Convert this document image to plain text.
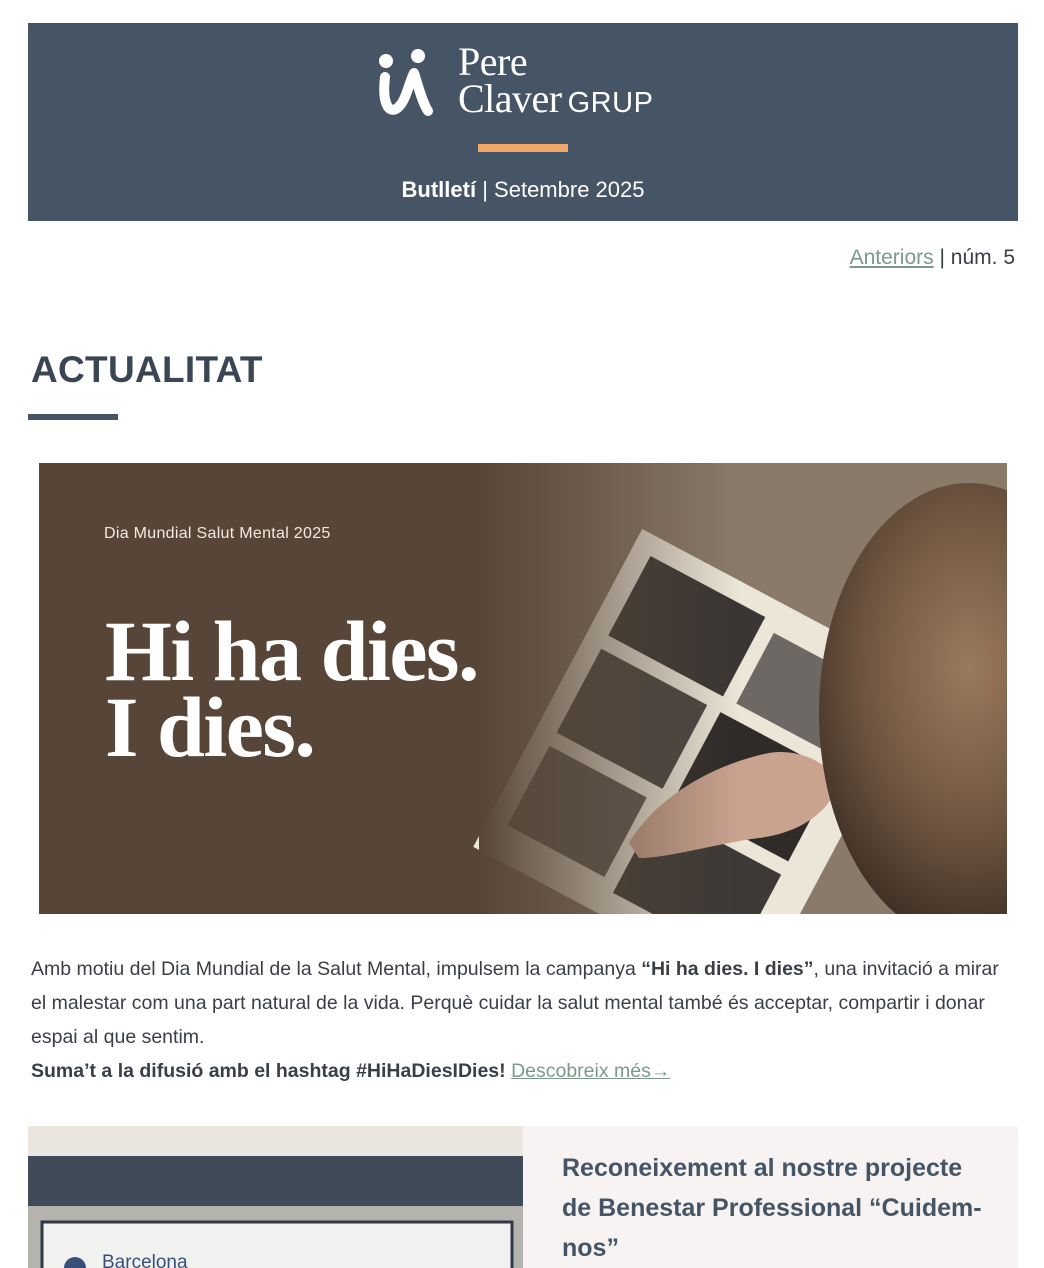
Pere
Claver GRUP
Butlletí | Setembre 2025
Anteriors | núm. 5
ACTUALITAT
Dia Mundial Salut Mental 2025
Hi ha dies.
I dies.

Amb motiu del Dia Mundial de la Salut Mental, impulsem la campanya “Hi ha dies. I dies”, una invitació a mirar el malestar com una part natural de la vida. Perquè cuidar la salut mental també és acceptar, compartir i donar espai al que sentim.
Suma’t a la difusió amb el hashtag #HiHaDiesIDies! Descobreix més→

Barcelona
Reconeixement al nostre projecte de Benestar Professional “Cuidem-nos”
